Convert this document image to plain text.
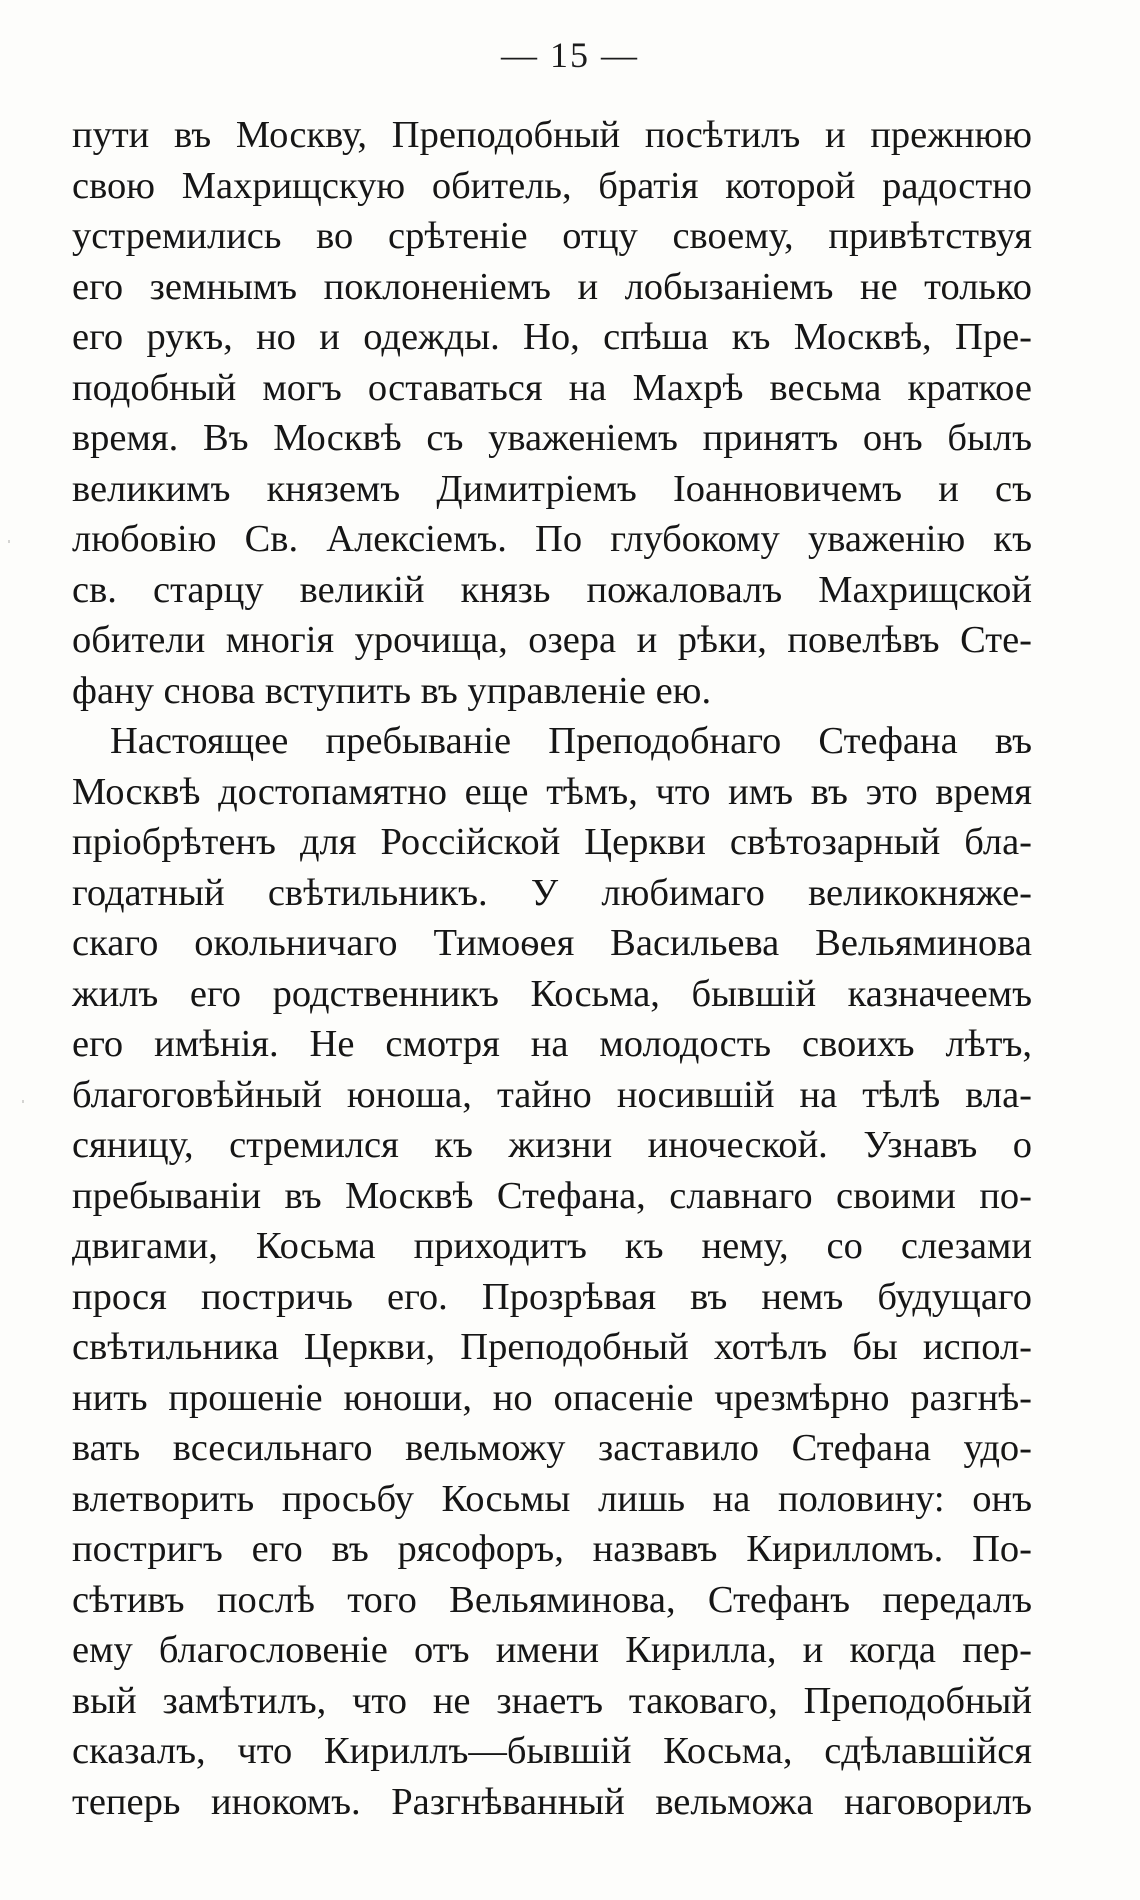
— 15 —
пути въ Москву, Преподобный посѣтилъ и прежнюю
свою Махрищскую обитель, братія которой радостно
устремились во срѣтеніе отцу своему, привѣтствуя
его земнымъ поклоненіемъ и лобызаніемъ не только
его рукъ, но и одежды. Но, спѣша къ Москвѣ, Пре-
подобный могъ оставаться на Махрѣ весьма краткое
время. Въ Москвѣ съ уваженіемъ принятъ онъ былъ
великимъ княземъ Димитріемъ Іоанновичемъ и съ
любовію Св. Алексіемъ. По глубокому уваженію къ
св. старцу великій князь пожаловалъ Махрищской
обители многія урочища, озера и рѣки, повелѣвъ Сте-
фану снова вступить въ управленіе ею.
Настоящее пребываніе Преподобнаго Стефана въ
Москвѣ достопамятно еще тѣмъ, что имъ въ это время
пріобрѣтенъ для Россійской Церкви свѣтозарный бла-
годатный свѣтильникъ. У любимаго великокняже-
скаго окольничаго Тимоѳея Васильева Вельяминова
жилъ его родственникъ Косьма, бывшій казначеемъ
его имѣнія. Не смотря на молодость своихъ лѣтъ,
благоговѣйный юноша, тайно носившій на тѣлѣ вла-
сяницу, стремился къ жизни иноческой. Узнавъ о
пребываніи въ Москвѣ Стефана, славнаго своими по-
двигами, Косьма приходитъ къ нему, со слезами
прося постричь его. Прозрѣвая въ немъ будущаго
свѣтильника Церкви, Преподобный хотѣлъ бы испол-
нить прошеніе юноши, но опасеніе чрезмѣрно разгнѣ-
вать всесильнаго вельможу заставило Стефана удо-
влетворить просьбу Косьмы лишь на половину: онъ
постригъ его въ рясофоръ, назвавъ Кирилломъ. По-
сѣтивъ послѣ того Вельяминова, Стефанъ передалъ
ему благословеніе отъ имени Кирилла, и когда пер-
вый замѣтилъ, что не знаетъ таковаго, Преподобный
сказалъ, что Кириллъ—бывшій Косьма, сдѣлавшійся
теперь инокомъ. Разгнѣванный вельможа наговорилъ
